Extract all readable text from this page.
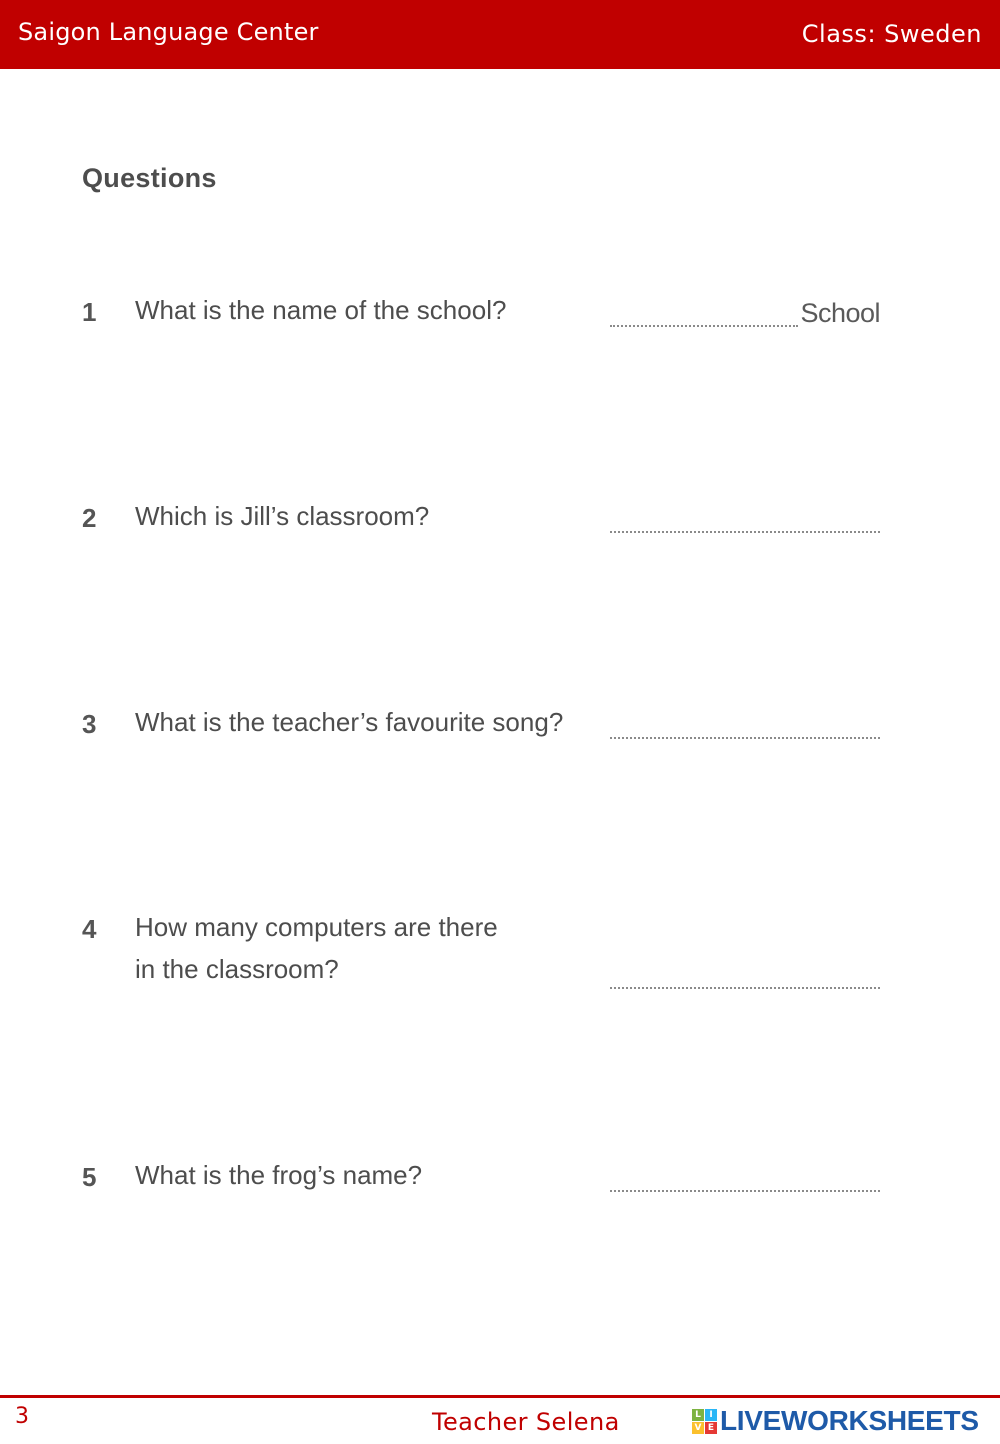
Saigon Language Center	Class: Sweden
Questions
1 What is the name of the school?	School
2 Which is Jill’s classroom?
3 What is the teacher’s favourite song?
4 How many computers are there
in the classroom?
5 What is the frog’s name?
3	Teacher Selena	L I
V E LIVEWORKSHEETS
